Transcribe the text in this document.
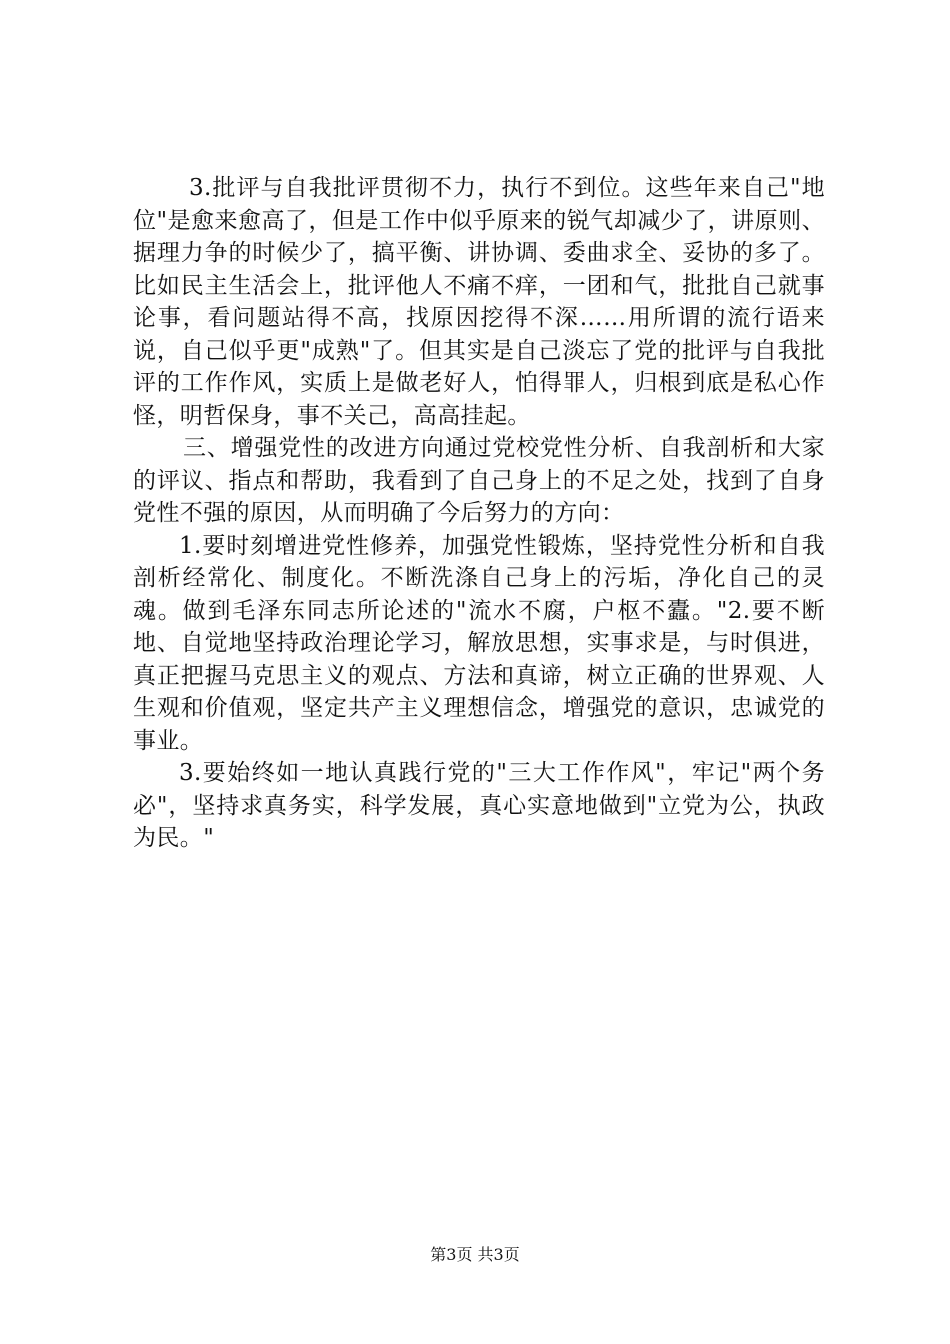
3.批评与自我批评贯彻不力，执行不到位。这些年来自己"地位"是愈来愈高了，但是工作中似乎原来的锐气却减少了，讲原则、据理力争的时候少了，搞平衡、讲协调、委曲求全、妥协的多了。比如民主生活会上，批评他人不痛不痒，一团和气，批批自己就事论事，看问题站得不高，找原因挖得不深……用所谓的流行语来说，自己似乎更"成熟"了。但其实是自己淡忘了党的批评与自我批评的工作作风，实质上是做老好人，怕得罪人，归根到底是私心作怪，明哲保身，事不关己，高高挂起。

三、增强党性的改进方向通过党校党性分析、自我剖析和大家的评议、指点和帮助，我看到了自己身上的不足之处，找到了自身党性不强的原因，从而明确了今后努力的方向：

1.要时刻增进党性修养，加强党性锻炼，坚持党性分析和自我剖析经常化、制度化。不断洗涤自己身上的污垢，净化自己的灵魂。做到毛泽东同志所论述的"流水不腐，户枢不蠹。"2.要不断地、自觉地坚持政治理论学习，解放思想，实事求是，与时俱进，真正把握马克思主义的观点、方法和真谛，树立正确的世界观、人生观和价值观，坚定共产主义理想信念，增强党的意识，忠诚党的事业。

3.要始终如一地认真践行党的"三大工作作风"，牢记"两个务必"，坚持求真务实，科学发展，真心实意地做到"立党为公，执政为民。"

第3页 共3页
